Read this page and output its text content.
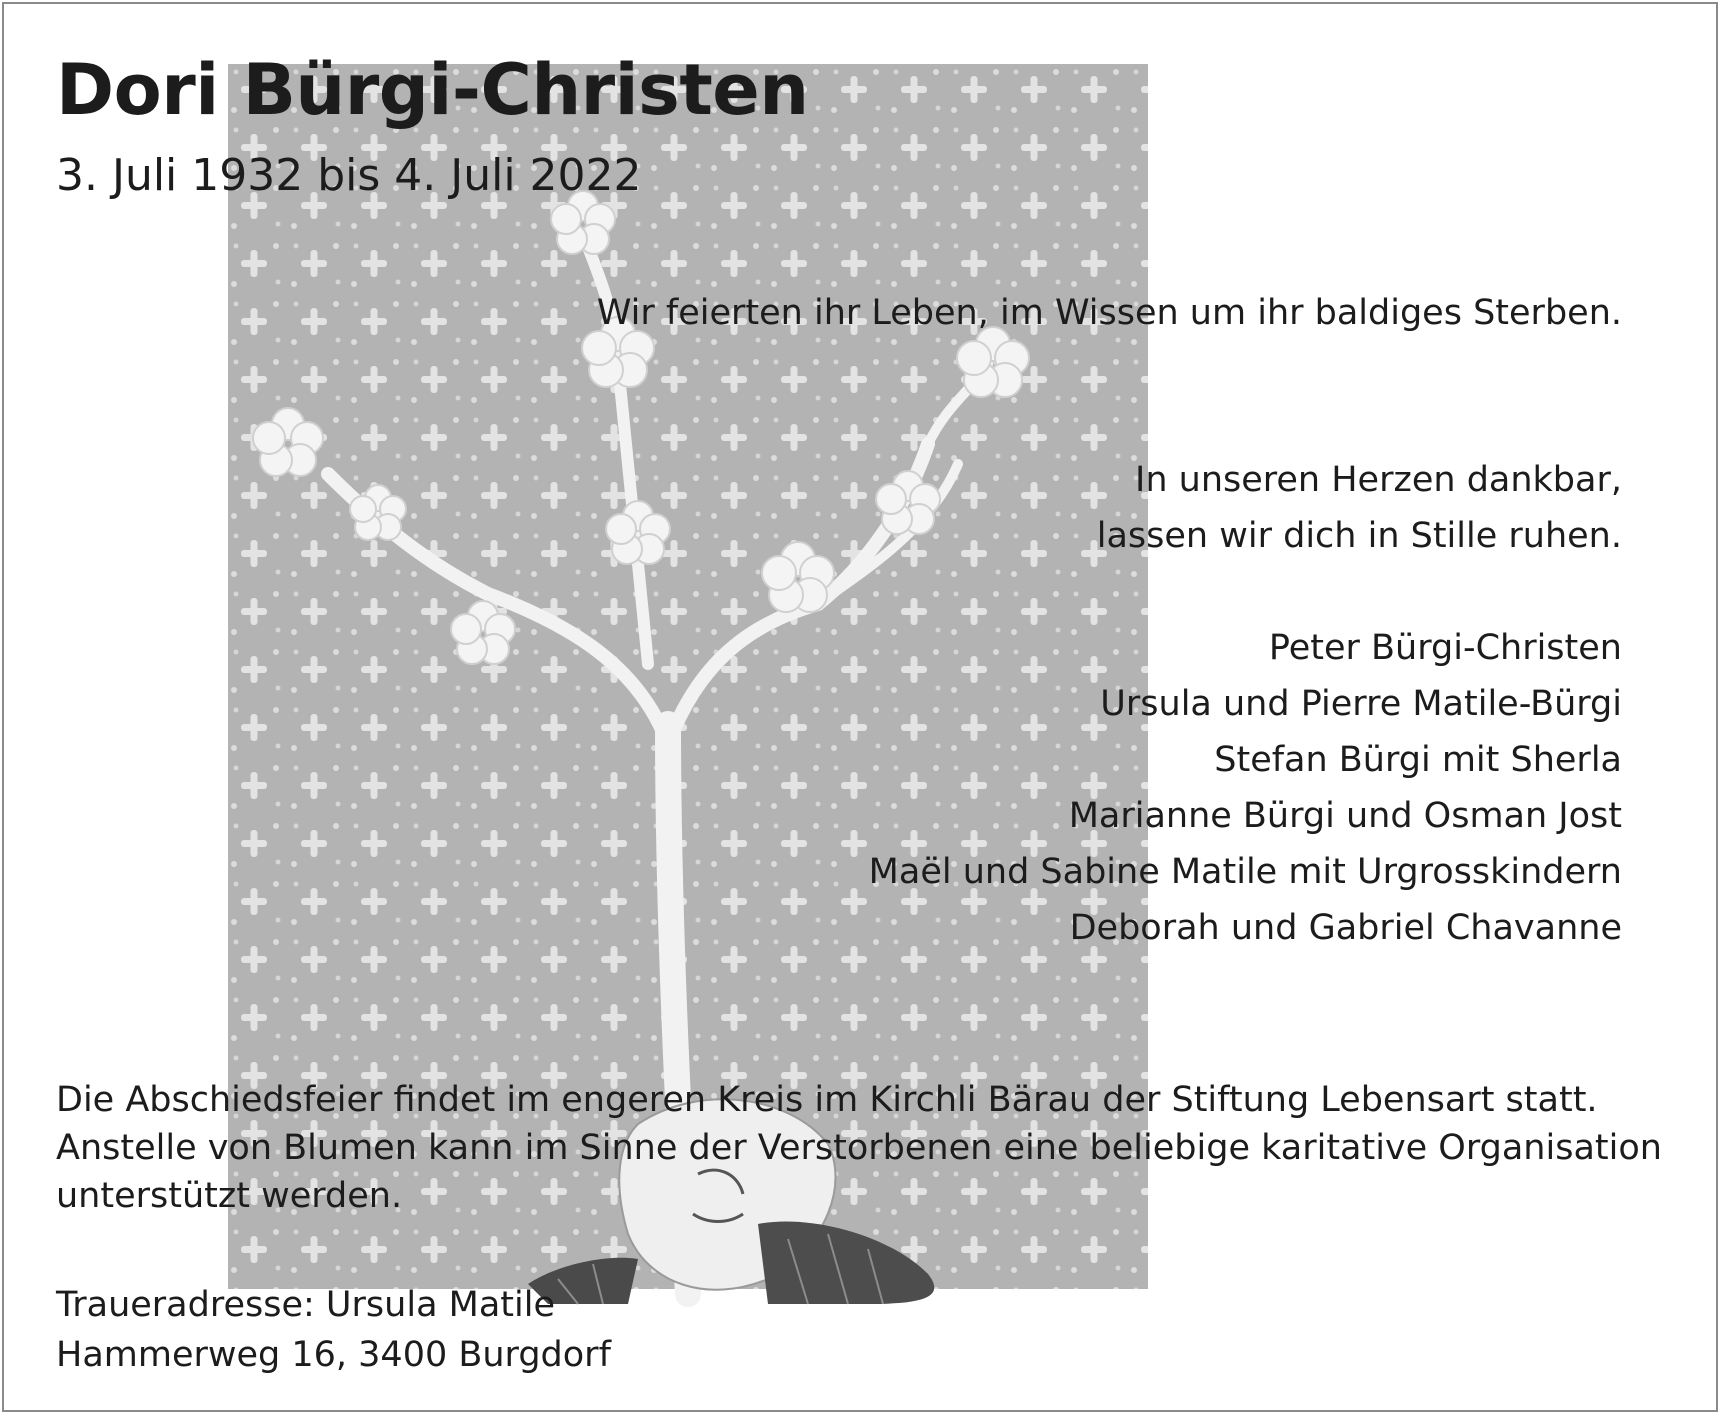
Dori Bürgi-Christen
3. Juli 1932 bis 4. Juli 2022
Wir feierten ihr Leben, im Wissen um ihr baldiges Sterben.
In unseren Herzen dankbar,
lassen wir dich in Stille ruhen.
Peter Bürgi-Christen
Ursula und Pierre Matile-Bürgi
Stefan Bürgi mit Sherla
Marianne Bürgi und Osman Jost
Maël und Sabine Matile mit Urgrosskindern
Deborah und Gabriel Chavanne
Die Abschiedsfeier findet im engeren Kreis im Kirchli Bärau der Stiftung Lebensart statt.
Anstelle von Blumen kann im Sinne der Verstorbenen eine beliebige karitative Organisation
unterstützt werden.
Traueradresse: Ursula Matile
Hammerweg 16, 3400 Burgdorf
